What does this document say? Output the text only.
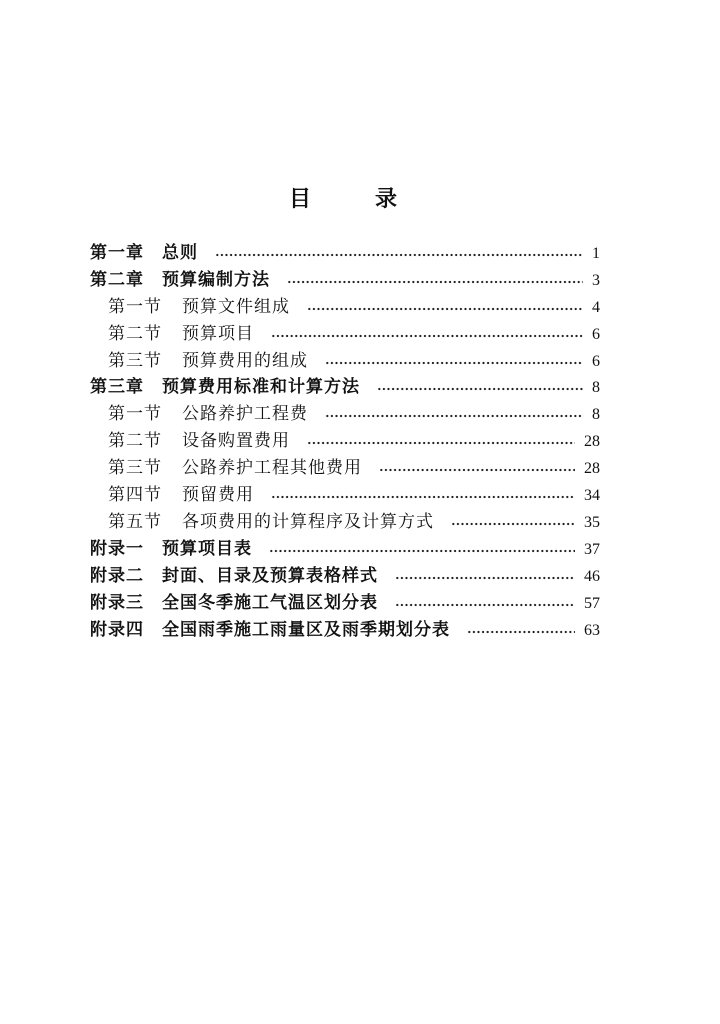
目录
第一章	总则	1
第二章	预算编制方法	3
第一节	预算文件组成	4
第二节	预算项目	6
第三节	预算费用的组成	6
第三章	预算费用标准和计算方法	8
第一节	公路养护工程费	8
第二节	设备购置费用	28
第三节	公路养护工程其他费用	28
第四节	预留费用	34
第五节	各项费用的计算程序及计算方式	35
附录一	预算项目表	37
附录二	封面、目录及预算表格样式	46
附录三	全国冬季施工气温区划分表	57
附录四	全国雨季施工雨量区及雨季期划分表	63
